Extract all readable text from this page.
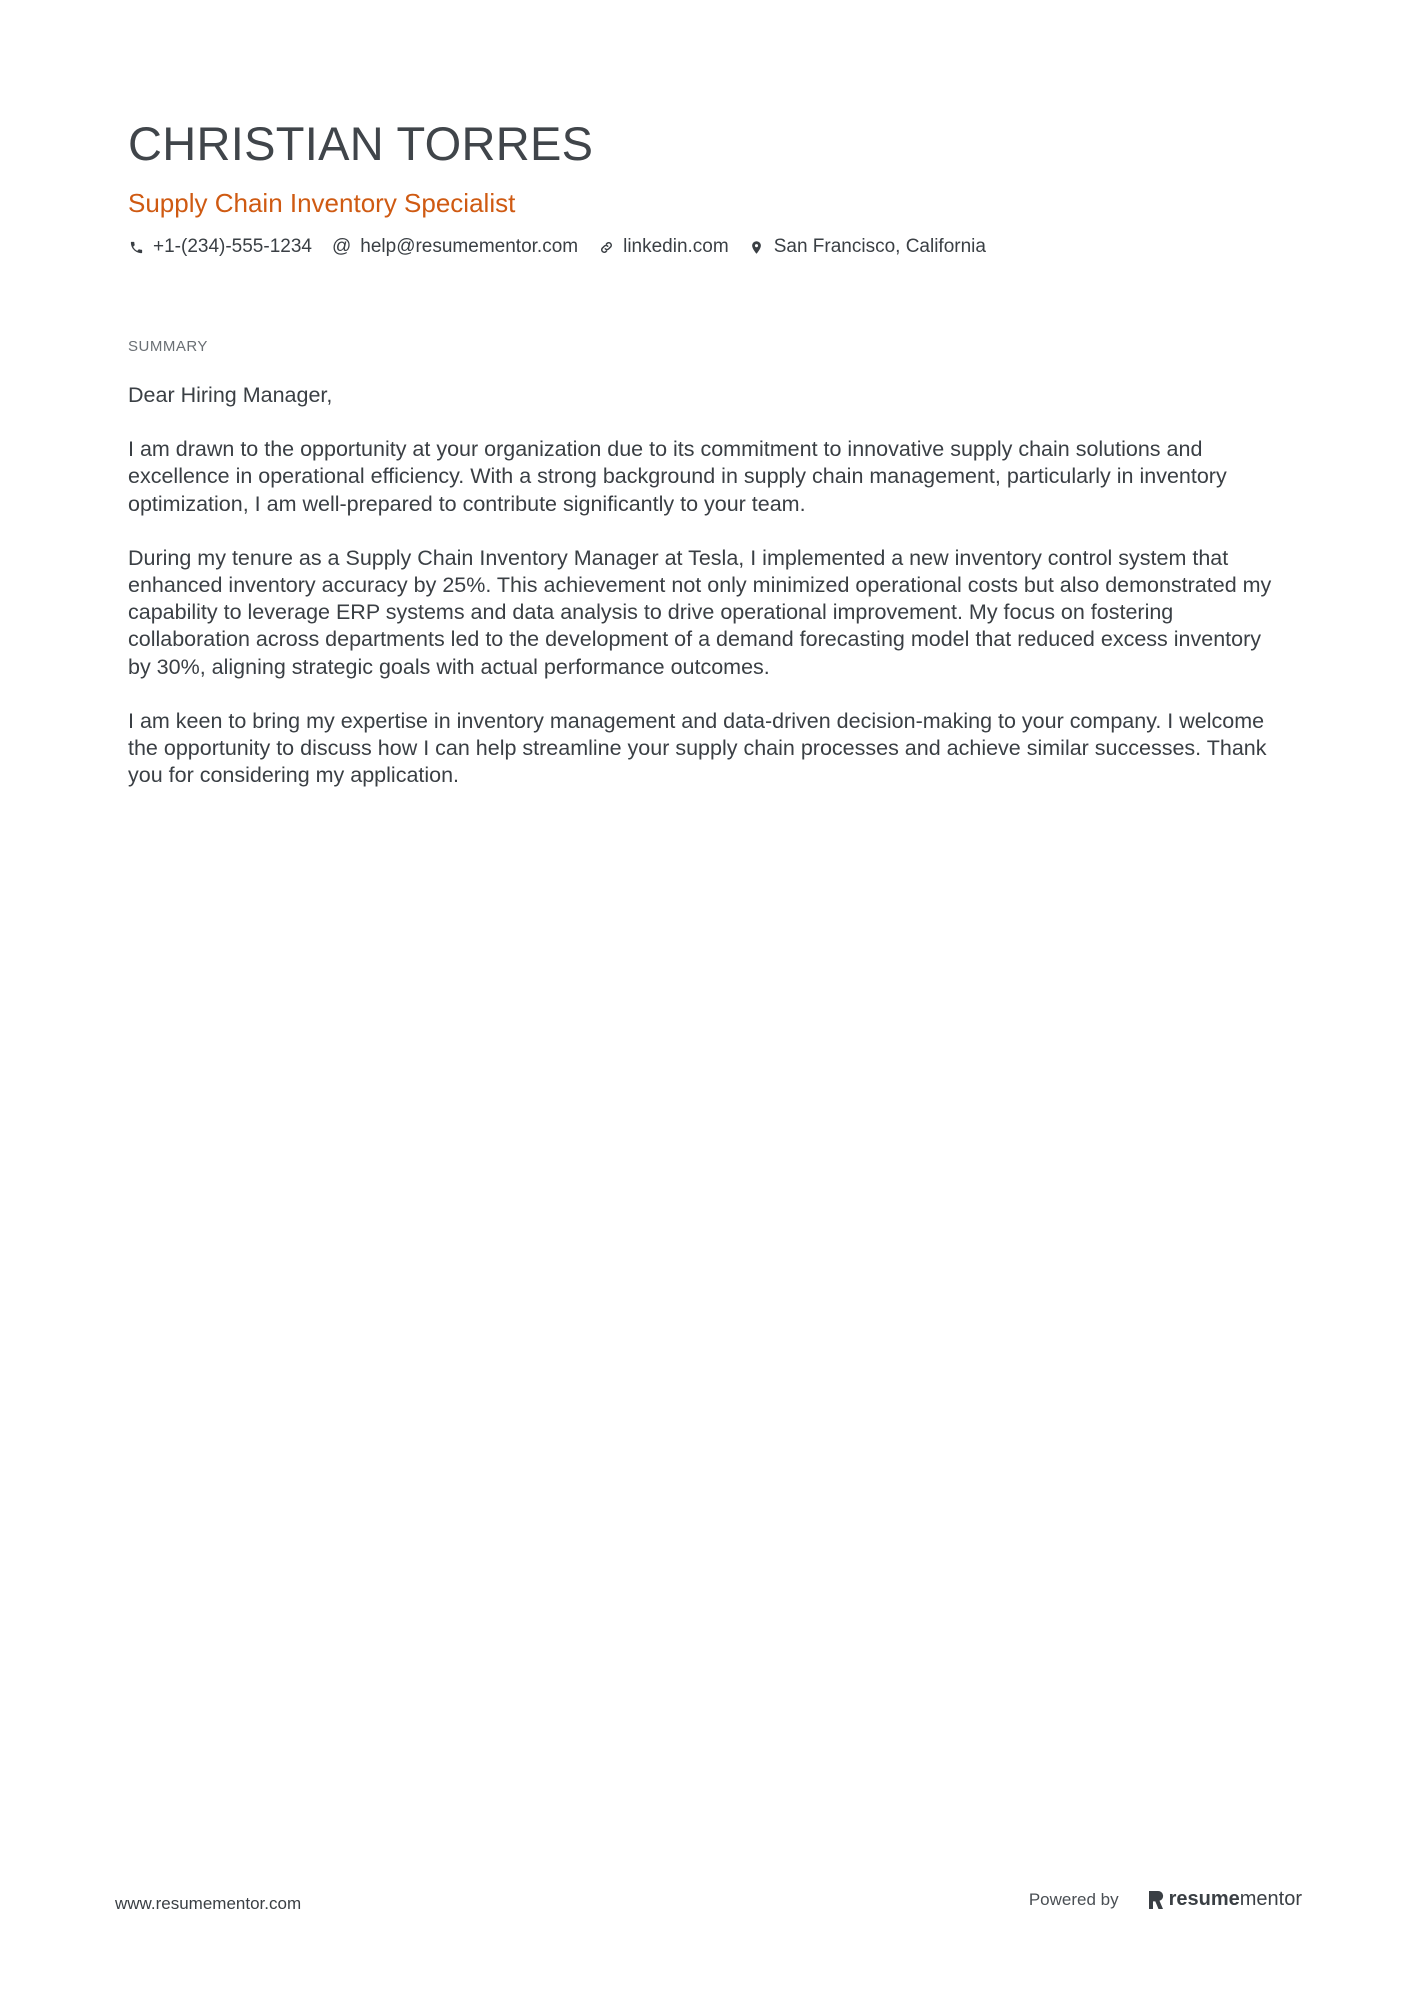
CHRISTIAN TORRES
Supply Chain Inventory Specialist
+1-(234)-555-1234 @ help@resumementor.com linkedin.com San Francisco, California
SUMMARY

Dear Hiring Manager,

I am drawn to the opportunity at your organization due to its commitment to innovative supply chain solutions and excellence in operational efficiency. With a strong background in supply chain management, particularly in inventory optimization, I am well-prepared to contribute significantly to your team.

During my tenure as a Supply Chain Inventory Manager at Tesla, I implemented a new inventory control system that enhanced inventory accuracy by 25%. This achievement not only minimized operational costs but also demonstrated my capability to leverage ERP systems and data analysis to drive operational improvement. My focus on fostering collaboration across departments led to the development of a demand forecasting model that reduced excess inventory by 30%, aligning strategic goals with actual performance outcomes.

I am keen to bring my expertise in inventory management and data-driven decision-making to your company. I welcome the opportunity to discuss how I can help streamline your supply chain processes and achieve similar successes. Thank you for considering my application.

www.resumementor.com	Powered by	resume mentor
